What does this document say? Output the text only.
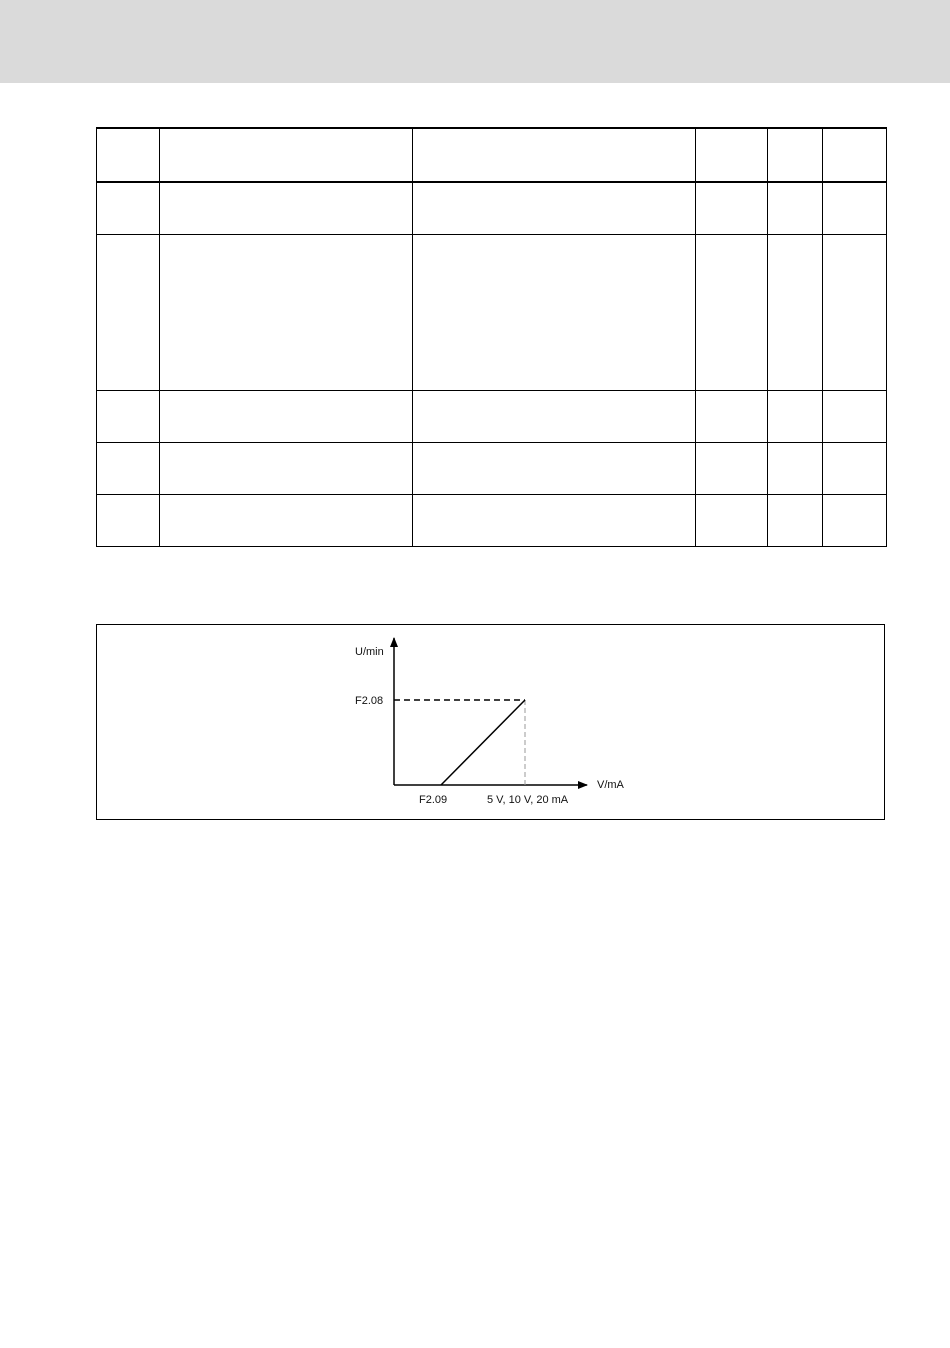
U/min
F2.08
V/mA
F2.09	5 V, 10 V, 20 mA
